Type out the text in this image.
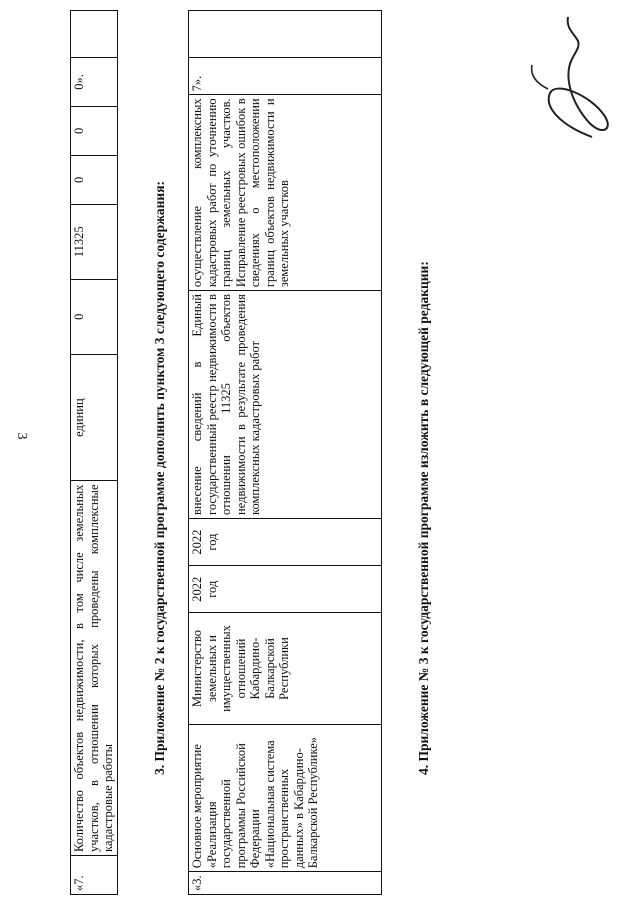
3
«7.	Количество объектов недвижимости, в том числе земельных участков, в отношении которых проведены комплексные кадастровые работы	единиц	0	11325	0	0	0».	
3. Приложение № 2 к государственной программе дополнить пунктом 3 следующего содержания:
«3.	Основное мероприятие «Реализация государственной программы Российской Федерации «Национальная система пространственных данных» в Кабардино-Балкарской Республике»	Министерство земельных и имущественных отношений Кабардино-Балкарской Республики	2022 год	2022 год	внесение сведений в Единый государственный реестр недвижимости в отношении 11325 объектов недвижимости в результате проведения комплексных кадастровых работ	осуществление комплексных кадастровых работ по уточнению границ земельных участков. Исправление реестровых ошибок в сведениях о местоположении границ объектов недвижимости и земельных участков	7».	
4. Приложение № 3 к государственной программе изложить в следующей редакции:
